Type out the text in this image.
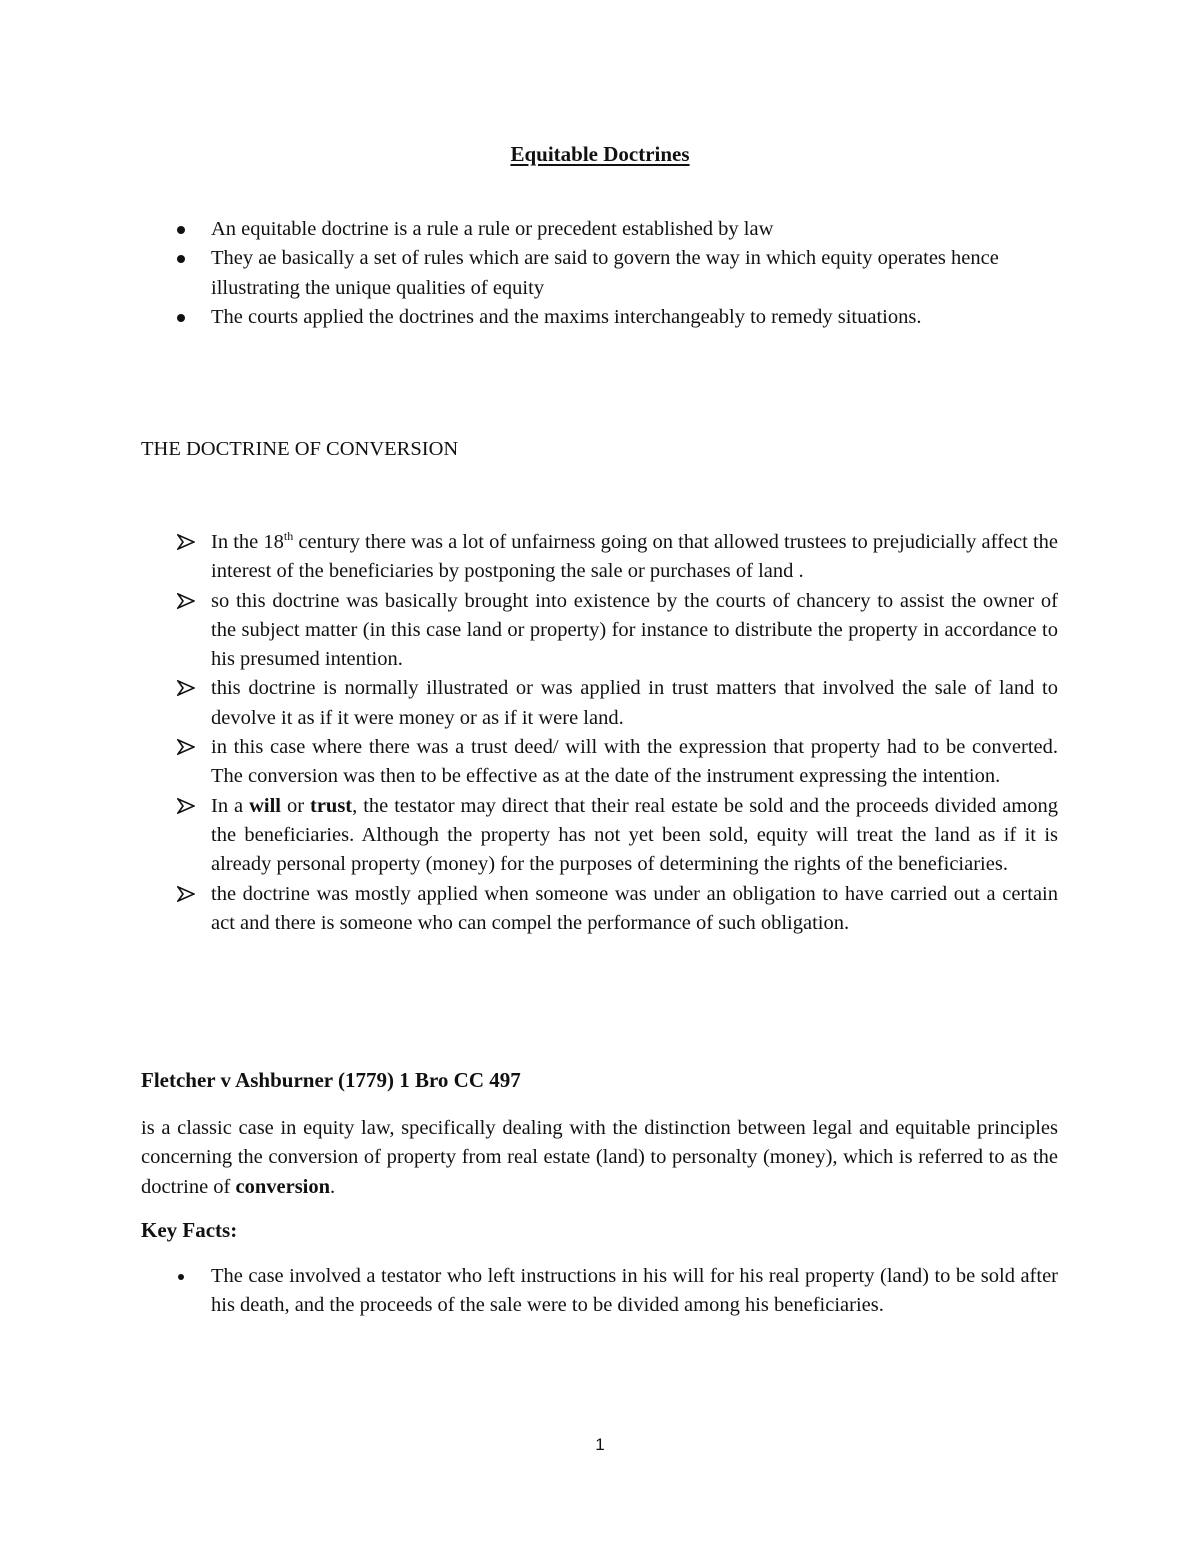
Equitable Doctrines
An equitable doctrine is a rule a rule or precedent established by law
They ae basically a set of rules which are said to govern the way in which equity operates hence illustrating the unique qualities of equity
The courts applied the doctrines and the maxims interchangeably to remedy situations.
THE DOCTRINE OF CONVERSION
In the 18th century there was a lot of unfairness going on that allowed trustees to prejudicially affect the interest of the beneficiaries by postponing the sale or purchases of land .
so this doctrine was basically brought into existence by the courts of chancery to assist the owner of the subject matter (in this case land or property) for instance to distribute the property in accordance to his presumed intention.
this doctrine is normally illustrated or was applied in trust matters that involved the sale of land to devolve it as if it were money or as if it were land.
in this case where there was a trust deed/ will with the expression that property had to be converted. The conversion was then to be effective as at the date of the instrument expressing the intention.
In a will or trust, the testator may direct that their real estate be sold and the proceeds divided among the beneficiaries. Although the property has not yet been sold, equity will treat the land as if it is already personal property (money) for the purposes of determining the rights of the beneficiaries.
the doctrine was mostly applied when someone was under an obligation to have carried out a certain act and there is someone who can compel the performance of such obligation.
Fletcher v Ashburner (1779) 1 Bro CC 497
is a classic case in equity law, specifically dealing with the distinction between legal and equitable principles concerning the conversion of property from real estate (land) to personalty (money), which is referred to as the doctrine of conversion.
Key Facts:
The case involved a testator who left instructions in his will for his real property (land) to be sold after his death, and the proceeds of the sale were to be divided among his beneficiaries.
1
